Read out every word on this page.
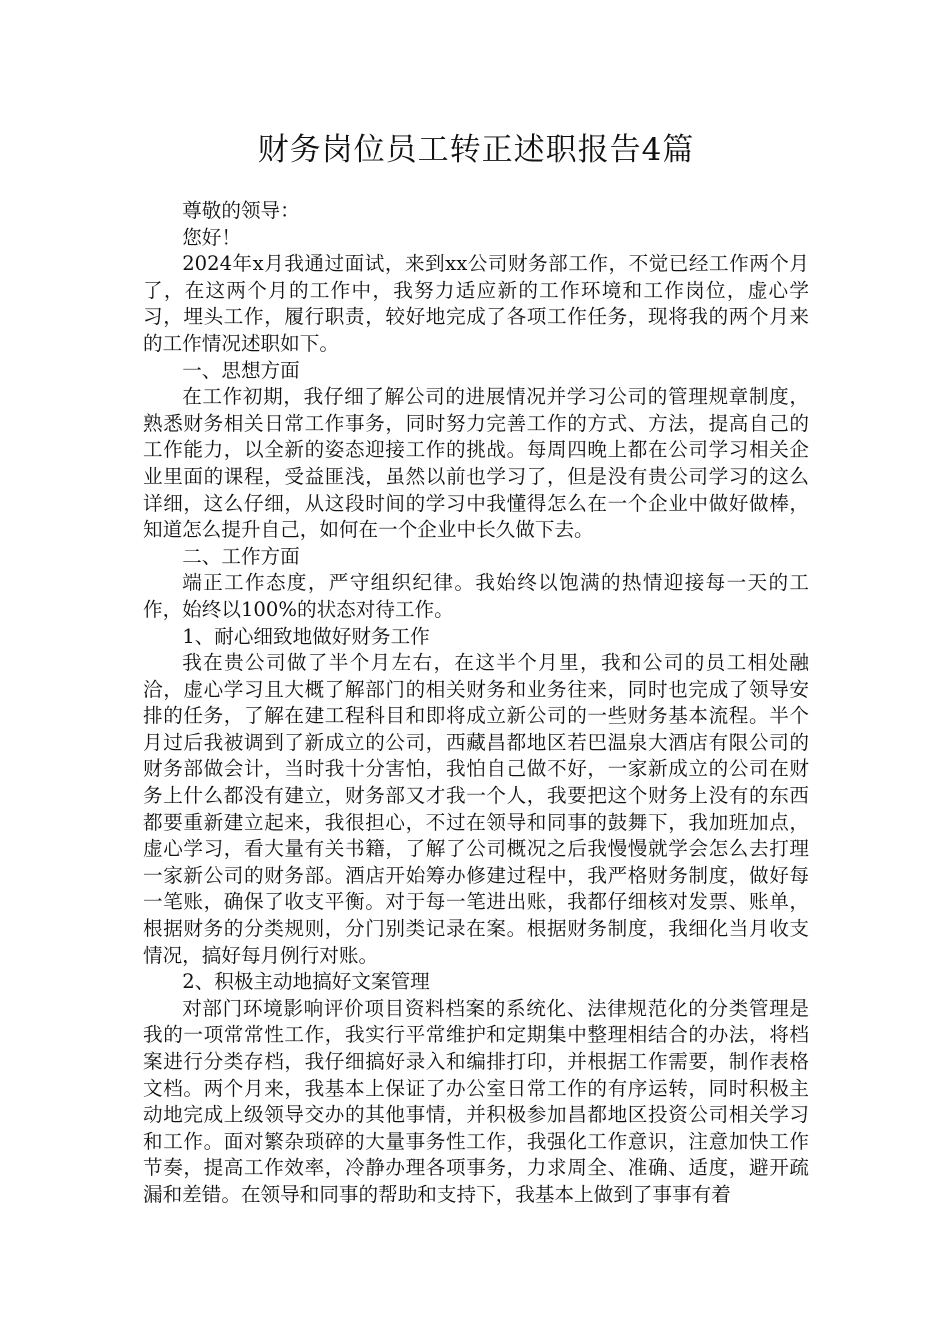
财务岗位员工转正述职报告4篇

尊敬的领导：

您好！

2024年x月我通过面试，来到xx公司财务部工作，不觉已经工作两个月了，在这两个月的工作中，我努力适应新的工作环境和工作岗位，虚心学习，埋头工作，履行职责，较好地完成了各项工作任务，现将我的两个月来的工作情况述职如下。

一、思想方面

在工作初期，我仔细了解公司的进展情况并学习公司的管理规章制度，熟悉财务相关日常工作事务，同时努力完善工作的方式、方法，提高自己的工作能力，以全新的姿态迎接工作的挑战。每周四晚上都在公司学习相关企业里面的课程，受益匪浅，虽然以前也学习了，但是没有贵公司学习的这么详细，这么仔细，从这段时间的学习中我懂得怎么在一个企业中做好做棒，知道怎么提升自己，如何在一个企业中长久做下去。

二、工作方面

端正工作态度，严守组织纪律。我始终以饱满的热情迎接每一天的工作，始终以100%的状态对待工作。

1、耐心细致地做好财务工作

我在贵公司做了半个月左右，在这半个月里，我和公司的员工相处融洽，虚心学习且大概了解部门的相关财务和业务往来，同时也完成了领导安排的任务，了解在建工程科目和即将成立新公司的一些财务基本流程。半个月过后我被调到了新成立的公司，西藏昌都地区若巴温泉大酒店有限公司的财务部做会计，当时我十分害怕，我怕自己做不好，一家新成立的公司在财务上什么都没有建立，财务部又才我一个人，我要把这个财务上没有的东西都要重新建立起来，我很担心，不过在领导和同事的鼓舞下，我加班加点，虚心学习，看大量有关书籍，了解了公司概况之后我慢慢就学会怎么去打理一家新公司的财务部。酒店开始筹办修建过程中，我严格财务制度，做好每一笔账，确保了收支平衡。对于每一笔进出账，我都仔细核对发票、账单，根据财务的分类规则，分门别类记录在案。根据财务制度，我细化当月收支情况，搞好每月例行对账。

2、积极主动地搞好文案管理

对部门环境影响评价项目资料档案的系统化、法律规范化的分类管理是我的一项常常性工作，我实行平常维护和定期集中整理相结合的办法，将档案进行分类存档，我仔细搞好录入和编排打印，并根据工作需要，制作表格文档。两个月来，我基本上保证了办公室日常工作的有序运转，同时积极主动地完成上级领导交办的其他事情，并积极参加昌都地区投资公司相关学习和工作。面对繁杂琐碎的大量事务性工作，我强化工作意识，注意加快工作节奏，提高工作效率，冷静办理各项事务，力求周全、准确、适度，避开疏漏和差错。在领导和同事的帮助和支持下，我基本上做到了事事有着
